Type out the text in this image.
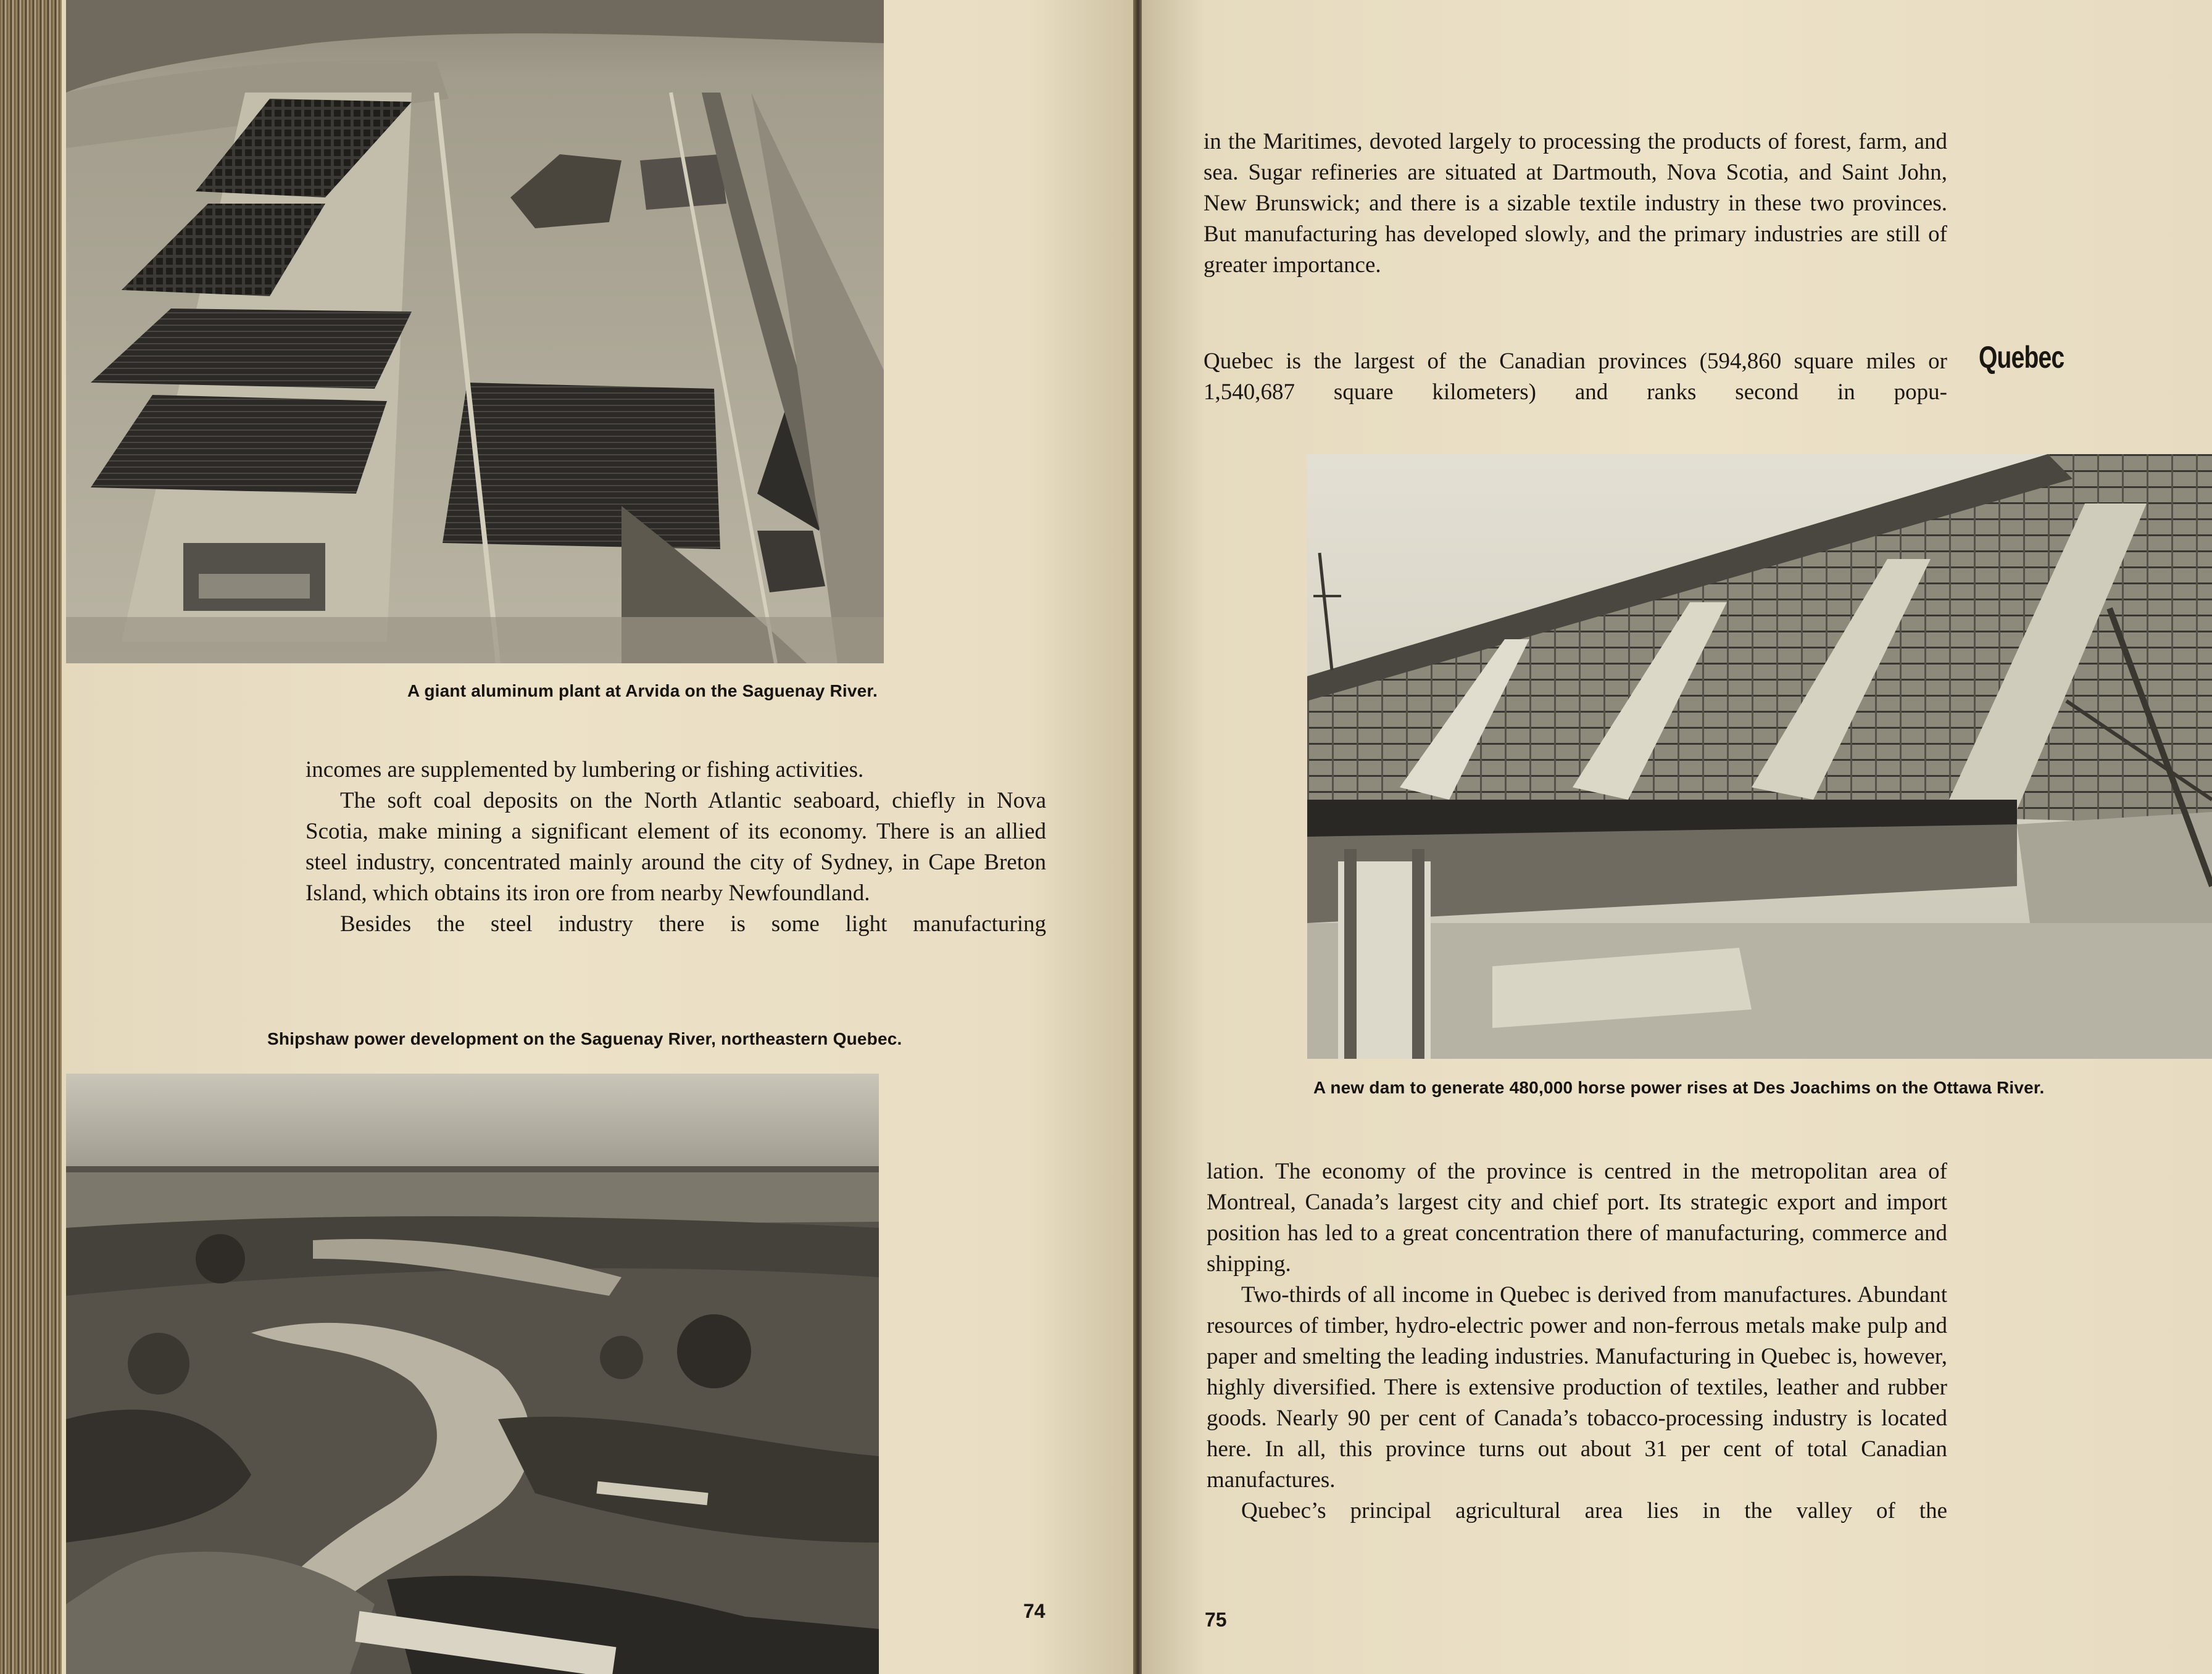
A giant aluminum plant at Arvida on the Saguenay River.

incomes are supplemented by lumbering or fishing activities.

The soft coal deposits on the North Atlantic seaboard, chiefly in Nova Scotia, make mining a significant element of its economy. There is an allied steel industry, concentrated mainly around the city of Sydney, in Cape Breton Island, which obtains its iron ore from nearby Newfoundland.

Besides the steel industry there is some light manufacturing

Shipshaw power development on the Saguenay River, northeastern Quebec.
74

in the Maritimes, devoted largely to processing the products of forest, farm, and sea. Sugar refineries are situated at Dartmouth, Nova Scotia, and Saint John, New Brunswick; and there is a sizable textile industry in these two provinces. But manufacturing has developed slowly, and the primary industries are still of greater importance.

Quebec is the largest of the Canadian provinces (594,860 square miles or 1,540,687 square kilometers) and ranks second in popu-

Quebec
A new dam to generate 480,000 horse power rises at Des Joachims on the Ottawa River.

lation. The economy of the province is centred in the metropolitan area of Montreal, Canada’s largest city and chief port. Its strategic export and import position has led to a great concentration there of manufacturing, commerce and shipping.

Two-thirds of all income in Quebec is derived from manufactures. Abundant resources of timber, hydro-electric power and non-ferrous metals make pulp and paper and smelting the leading industries. Manufacturing in Quebec is, however, highly diversified. There is extensive production of textiles, leather and rubber goods. Nearly 90 per cent of Canada’s tobacco-processing industry is located here. In all, this province turns out about 31 per cent of total Canadian manufactures.

Quebec’s principal agricultural area lies in the valley of the

75
